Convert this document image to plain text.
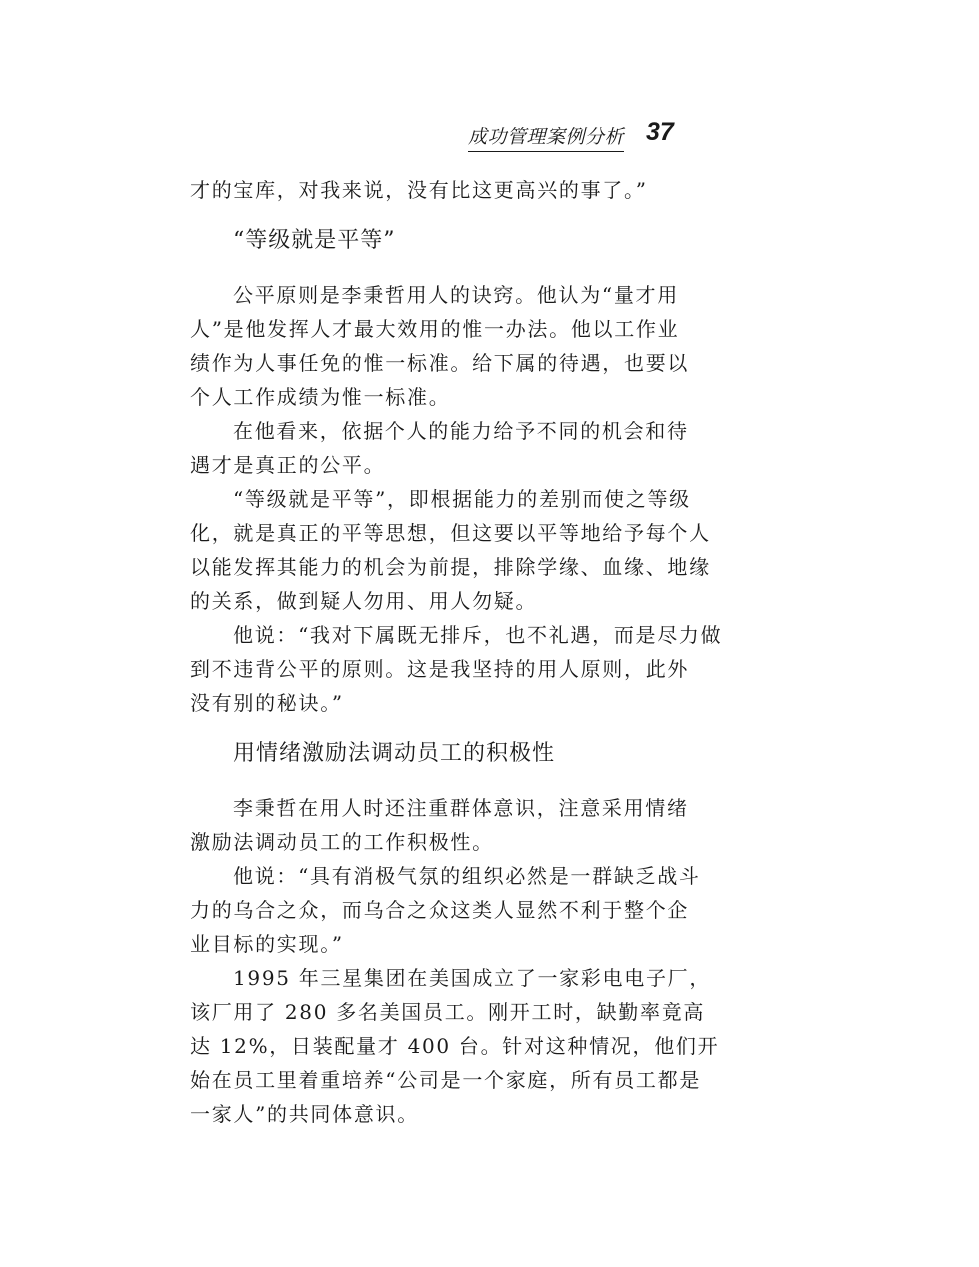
成功管理案例分析 37
才的宝库，对我来说，没有比这更高兴的事了。”
“等级就是平等”
公平原则是李秉哲用人的诀窍。他认为“量才用
人”是他发挥人才最大效用的惟一办法。他以工作业
绩作为人事任免的惟一标准。给下属的待遇，也要以
个人工作成绩为惟一标准。
在他看来，依据个人的能力给予不同的机会和待
遇才是真正的公平。
“等级就是平等”，即根据能力的差别而使之等级
化，就是真正的平等思想，但这要以平等地给予每个人
以能发挥其能力的机会为前提，排除学缘、血缘、地缘
的关系，做到疑人勿用、用人勿疑。
他说：“我对下属既无排斥，也不礼遇，而是尽力做
到不违背公平的原则。这是我坚持的用人原则，此外
没有别的秘诀。”
用情绪激励法调动员工的积极性
李秉哲在用人时还注重群体意识，注意采用情绪
激励法调动员工的工作积极性。
他说：“具有消极气氛的组织必然是一群缺乏战斗
力的乌合之众，而乌合之众这类人显然不利于整个企
业目标的实现。”
1995 年三星集团在美国成立了一家彩电电子厂，
该厂用了 280 多名美国员工。刚开工时，缺勤率竟高
达 12%，日装配量才 400 台。针对这种情况，他们开
始在员工里着重培养“公司是一个家庭，所有员工都是
一家人”的共同体意识。
